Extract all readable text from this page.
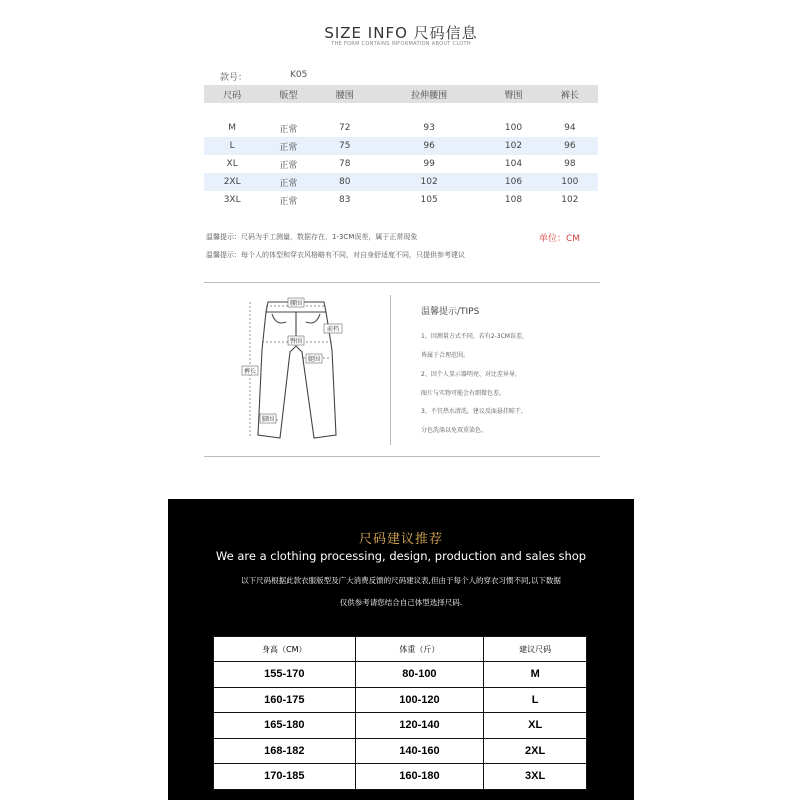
SIZE INFO 尺码信息
THE FORM CONTAINS INFORMATION ABOUT CLOTH
款号：	K05
尺码	版型	腰围	拉伸腰围	臀围	裤长

M	正常	72	93	100	94
L	正常	75	96	102	96
XL	正常	78	99	104	98
2XL	正常	80	102	106	100
3XL	正常	83	105	108	102
温馨提示：尺码为手工测量，数据存在，1-3CM误差，属于正常现象	单位：CM
温馨提示：每个人的体型和穿衣风格略有不同，对自身舒适度不同，只提供参考建议
腰围
前档
臀围
腿围
裤长
脚围
温馨提示/TIPS
1、因测量方式不同，若有2-3CM误差，
皆属于合理范围。
2、因个人显示器明亮、对比差异导，
图片与实物可能会有细微色差。
3、不宜热水清洗，建议反面悬挂晾干，
分色洗涤以免双重染色。
尺码建议推荐
We are a clothing processing, design, production and sales shop
以下尺码根据此款衣服版型及广大消费反馈的尺码建议表,但由于每个人的穿衣习惯不同,以下数据
仅供参考请您结合自己体型选择尺码.
身高（CM）	体重（斤）	建议尺码
155-170	80-100	M
160-175	100-120	L
165-180	120-140	XL
168-182	140-160	2XL
170-185	160-180	3XL
